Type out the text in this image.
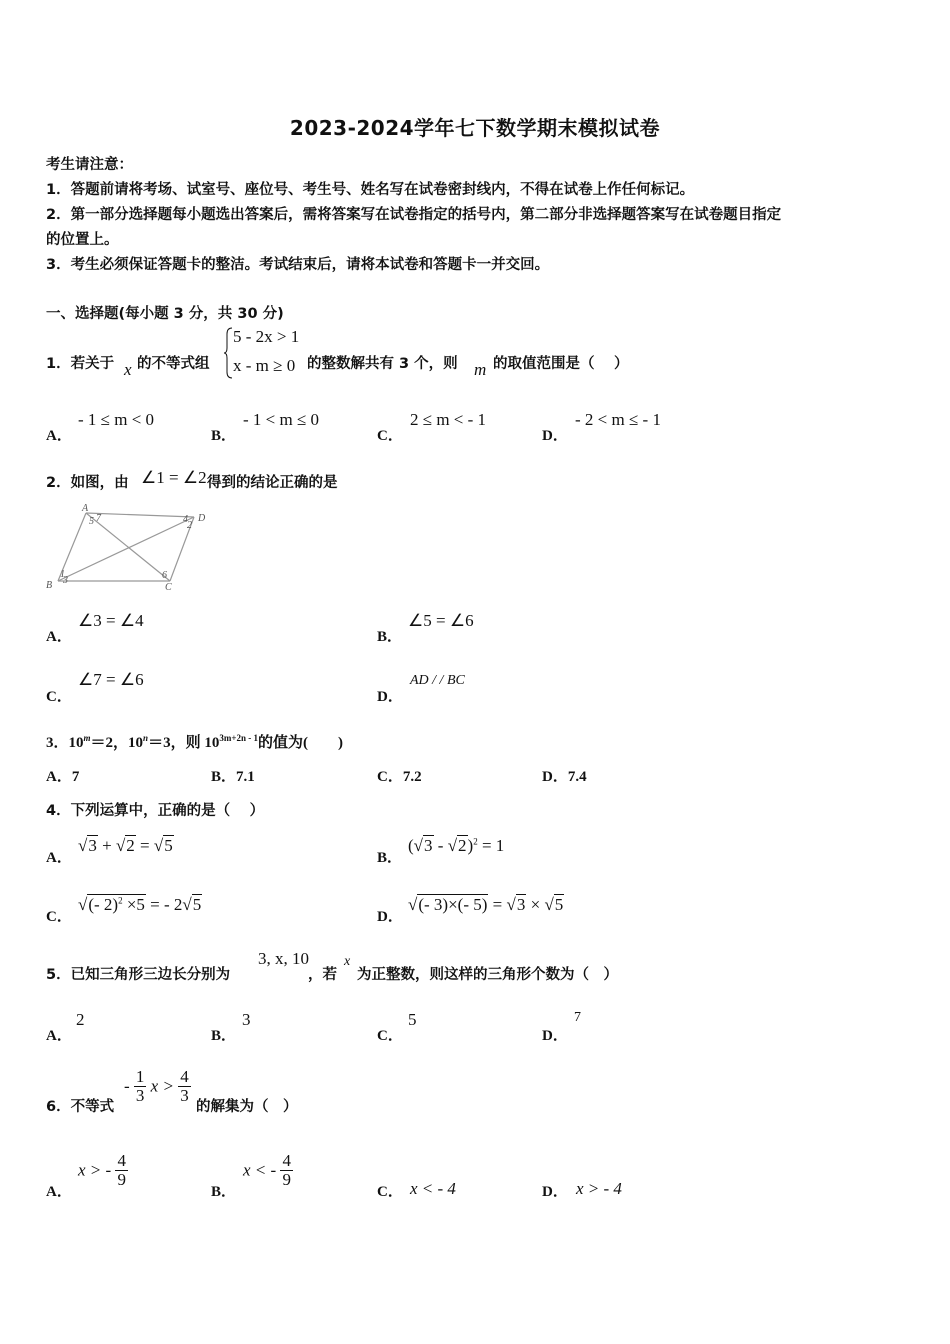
2023-2024学年七下数学期末模拟试卷
考生请注意：
1．答题前请将考场、试室号、座位号、考生号、姓名写在试卷密封线内，不得在试卷上作任何标记。
2．第一部分选择题每小题选出答案后，需将答案写在试卷指定的括号内，第二部分非选择题答案写在试卷题目指定
的位置上。
3．考生必须保证答题卡的整洁。考试结束后，请将本试卷和答题卡一并交回。
一、选择题(每小题 3 分，共 30 分)
1．若关于 x 的不等式组
5 - 2x > 1
x - m ≥ 0 的整数解共有 3 个，则 m 的取值范围是（　 ）
A．
- 1 ≤ m < 0
B．
- 1 < m ≤ 0
C．
2 ≤ m < - 1
D．
- 2 < m ≤ - 1
2．如图，由 ∠1 = ∠2 得到的结论正确的是
A
5 7	4
2
D
B
1
3	6
C
A．
∠3 = ∠4
B．
∠5 = ∠6
C．
∠7 = ∠6
D．
AD / / BC
3．$10^m=2$，$10^n=3$，则 $10^{3m+2n - 1}$的值为(　　)
A．7	B．7.1	C．7.2	D．7.4
4．下列运算中，正确的是（　 ）
A．
√3 + √2 = √5
B．
(√3 - √2)$^2$ = 1
C．
√(- 2)$^2$ ×5 = - 2√5
D．
√(- 3)×(- 5) = √3 × √5
5．已知三角形三边长分别为
3, x, 10
，若
x
为正整数，则这样的三角形个数为（　）
A．
2
B．
3
C．
5
D．
7
6．不等式
- $\frac{1}{3}$ $x > \frac{4}{3}$
的解集为（　）
A．
x > - $\frac{4}{9}$
B．
x < - $\frac{4}{9}$
C． x < - 4	D． x > - 4
